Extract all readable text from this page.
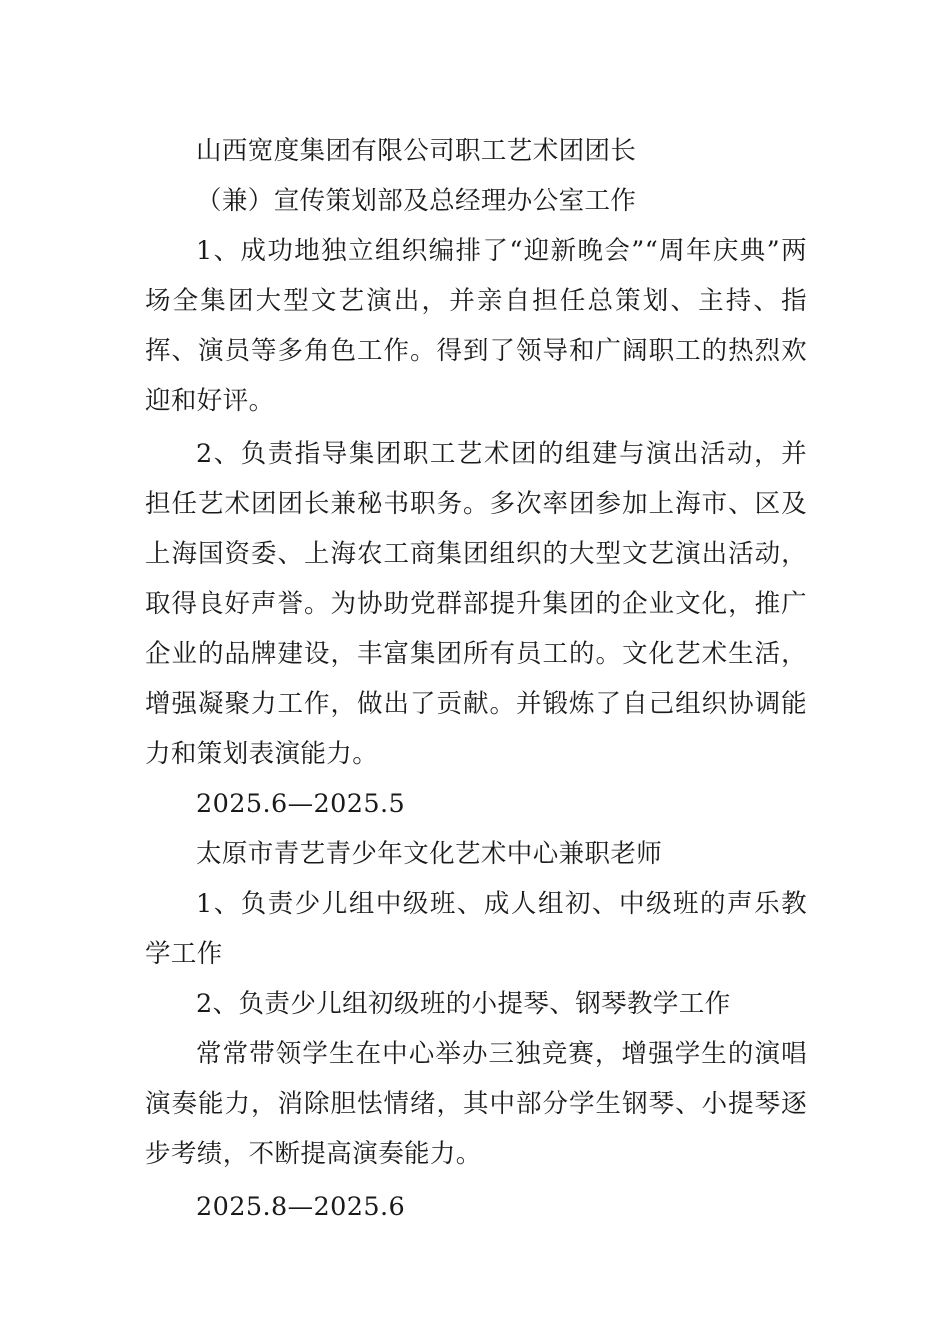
山西宽度集团有限公司职工艺术团团长

（兼）宣传策划部及总经理办公室工作

1、成功地独立组织编排了“迎新晚会”“周年庆典”两场全集团大型文艺演出，并亲自担任总策划、主持、指挥、演员等多角色工作。得到了领导和广阔职工的热烈欢迎和好评。

2、负责指导集团职工艺术团的组建与演出活动，并担任艺术团团长兼秘书职务。多次率团参加上海市、区及上海国资委、上海农工商集团组织的大型文艺演出活动，取得良好声誉。为协助党群部提升集团的企业文化，推广企业的品牌建设，丰富集团所有员工的。文化艺术生活，增强凝聚力工作，做出了贡献。并锻炼了自己组织协调能力和策划表演能力。

2025.6—2025.5

太原市青艺青少年文化艺术中心兼职老师

1、负责少儿组中级班、成人组初、中级班的声乐教学工作

2、负责少儿组初级班的小提琴、钢琴教学工作

常常带领学生在中心举办三独竞赛，增强学生的演唱演奏能力，消除胆怯情绪，其中部分学生钢琴、小提琴逐步考绩，不断提高演奏能力。

2025.8—2025.6
